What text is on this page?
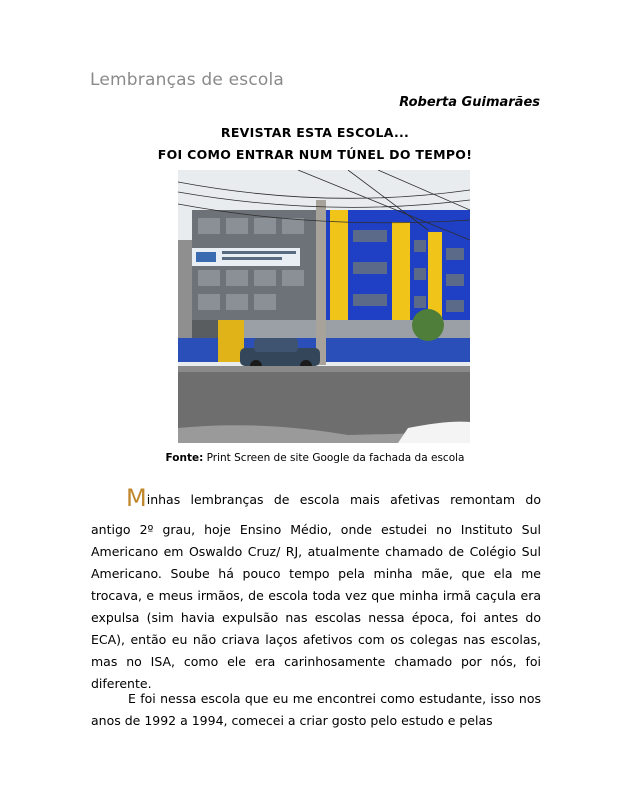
Lembranças de escola
Roberta Guimarães
REVISTAR ESTA ESCOLA...
FOI COMO ENTRAR NUM TÚNEL DO TEMPO!
Fonte: Print Screen de site Google da fachada da escola
Minhas lembranças de escola mais afetivas remontam do
antigo 2º grau, hoje Ensino Médio, onde estudei no Instituto Sul Americano em Oswaldo Cruz/ RJ, atualmente chamado de Colégio Sul Americano. Soube há pouco tempo pela minha mãe, que ela me trocava, e meus irmãos, de escola toda vez que minha irmã caçula era expulsa (sim havia expulsão nas escolas nessa época, foi antes do ECA), então eu não criava laços afetivos com os colegas nas escolas, mas no ISA, como ele era carinhosamente chamado por nós, foi diferente.
E foi nessa escola que eu me encontrei como estudante, isso nos anos de 1992 a 1994, comecei a criar gosto pelo estudo e pelas
